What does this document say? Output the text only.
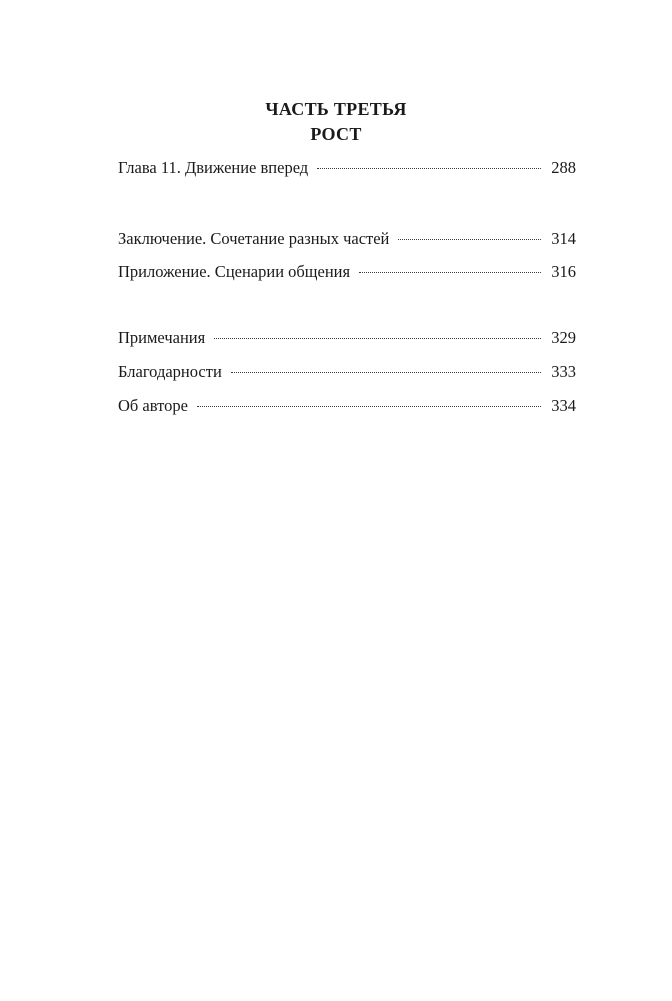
ЧАСТЬ ТРЕТЬЯ
РОСТ
Глава 11. Движение вперед	288
Заключение. Сочетание разных частей	314
Приложение. Сценарии общения	316
Примечания	329
Благодарности	333
Об авторе	334
